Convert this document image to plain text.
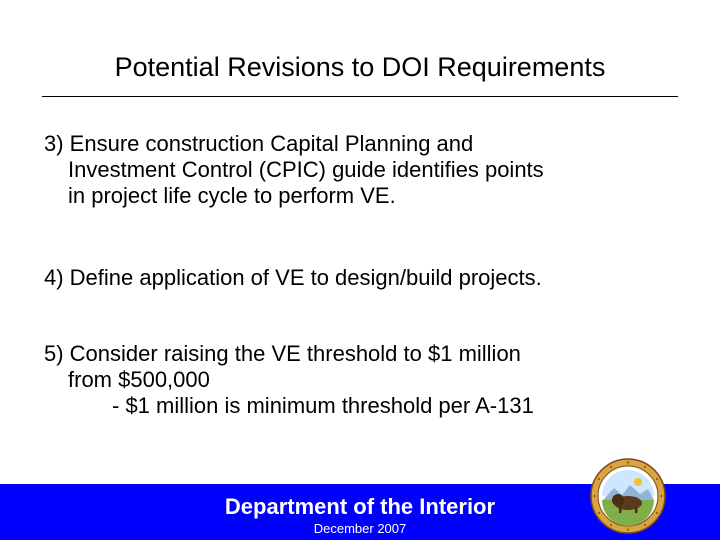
Potential Revisions to DOI Requirements
3) Ensure construction Capital Planning and
Investment Control (CPIC) guide identifies points
in project life cycle to perform VE.
4) Define application of VE to design/build projects.
5) Consider raising the VE threshold to $1 million
from $500,000
- $1 million is minimum threshold per A-131
Department of the Interior
December 2007
